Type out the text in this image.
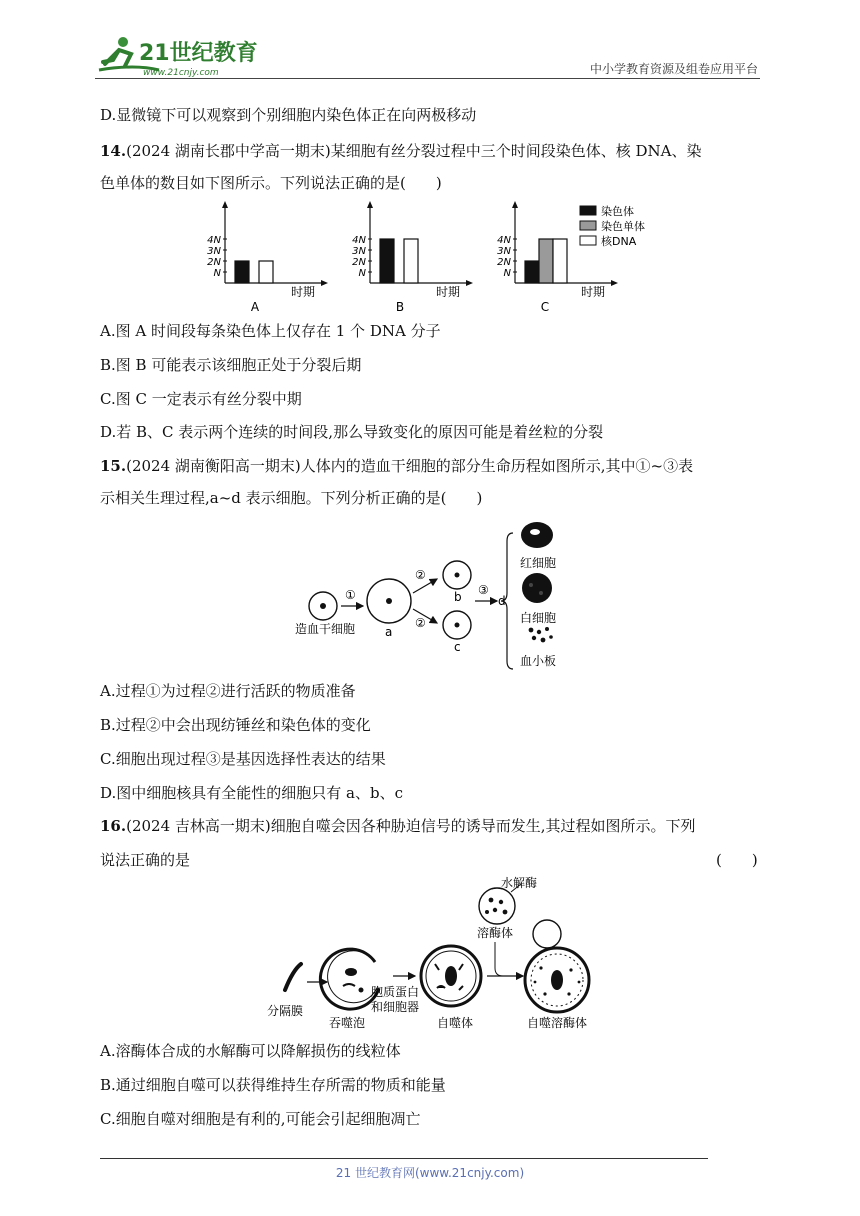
21世纪教育
www.21cnjy.com	中小学教育资源及组卷应用平台
D.显微镜下可以观察到个别细胞内染色体正在向两极移动
14.(2024 湖南长郡中学高一期末)某细胞有丝分裂过程中三个时间段染色体、核 DNA、染
色单体的数目如下图所示。下列说法正确的是(　　)
N
2N
3N
4N
时期
A
N
2N
3N
4N
时期
B
N
2N
3N
4N
时期
C
染色体
染色单体
核DNA
A.图 A 时间段每条染色体上仅存在 1 个 DNA 分子
B.图 B 可能表示该细胞正处于分裂后期
C.图 C 一定表示有丝分裂中期
D.若 B、C 表示两个连续的时间段,那么导致变化的原因可能是着丝粒的分裂
15.(2024 湖南衡阳高一期末)人体内的造血干细胞的部分生命历程如图所示,其中①~③表
示相关生理过程,a~d 表示细胞。下列分析正确的是(　　)
造血干细胞
①
a
②
②
b
c
③
d
红细胞
白细胞
血小板
A.过程①为过程②进行活跃的物质准备
B.过程②中会出现纺锤丝和染色体的变化
C.细胞出现过程③是基因选择性表达的结果
D.图中细胞核具有全能性的细胞只有 a、b、c
16.(2024 吉林高一期末)细胞自噬会因各种胁迫信号的诱导而发生,其过程如图所示。下列
说法正确的是	(　　)
分隔膜
吞噬泡
胞质蛋白
和细胞器
自噬体
水解酶
溶酶体
自噬溶酶体
A.溶酶体合成的水解酶可以降解损伤的线粒体
B.通过细胞自噬可以获得维持生存所需的物质和能量
C.细胞自噬对细胞是有利的,可能会引起细胞凋亡
21 世纪教育网(www.21cnjy.com)
